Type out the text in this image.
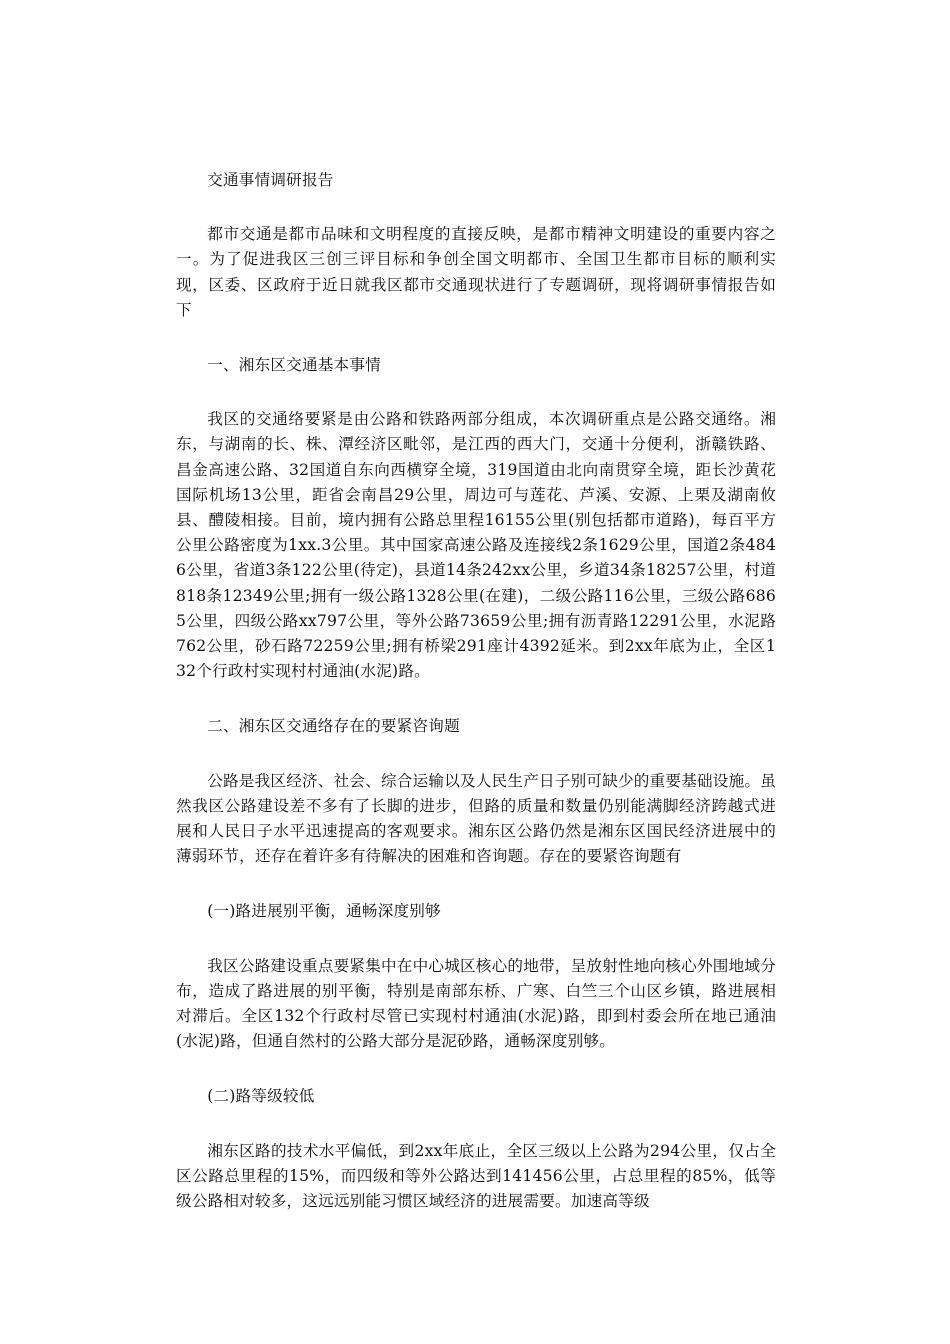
交通事情调研报告

都市交通是都市品味和文明程度的直接反映，是都市精神文明建设的重要内容之一。为了促进我区三创三评目标和争创全国文明都市、全国卫生都市目标的顺利实现，区委、区政府于近日就我区都市交通现状进行了专题调研，现将调研事情报告如下

一、湘东区交通基本事情

我区的交通络要紧是由公路和铁路两部分组成，本次调研重点是公路交通络。湘东，与湖南的长、株、潭经济区毗邻，是江西的西大门，交通十分便利，浙赣铁路、昌金高速公路、32国道自东向西横穿全境，319国道由北向南贯穿全境，距长沙黄花国际机场13公里，距省会南昌29公里，周边可与莲花、芦溪、安源、上栗及湖南攸县、醴陵相接。目前，境内拥有公路总里程16155公里(别包括都市道路)，每百平方公里公路密度为1xx.3公里。其中国家高速公路及连接线2条1629公里，国道2条4846公里，省道3条122公里(待定)，县道14条242xx公里，乡道34条18257公里，村道818条12349公里;拥有一级公路1328公里(在建)，二级公路116公里，三级公路6865公里，四级公路xx797公里，等外公路73659公里;拥有沥青路12291公里，水泥路762公里，砂石路72259公里;拥有桥梁291座计4392延米。到2xx年底为止，全区132个行政村实现村村通油(水泥)路。

二、湘东区交通络存在的要紧咨询题

公路是我区经济、社会、综合运输以及人民生产日子别可缺少的重要基础设施。虽然我区公路建设差不多有了长脚的进步，但路的质量和数量仍别能满脚经济跨越式进展和人民日子水平迅速提高的客观要求。湘东区公路仍然是湘东区国民经济进展中的薄弱环节，还存在着许多有待解决的困难和咨询题。存在的要紧咨询题有

(一)路进展别平衡，通畅深度别够

我区公路建设重点要紧集中在中心城区核心的地带，呈放射性地向核心外围地域分布，造成了路进展的别平衡，特别是南部东桥、广寒、白竺三个山区乡镇，路进展相对滞后。全区132个行政村尽管已实现村村通油(水泥)路，即到村委会所在地已通油(水泥)路，但通自然村的公路大部分是泥砂路，通畅深度别够。

(二)路等级较低

湘东区路的技术水平偏低，到2xx年底止，全区三级以上公路为294公里，仅占全区公路总里程的15%，而四级和等外公路达到141456公里，占总里程的85%，低等级公路相对较多，这远远别能习惯区域经济的进展需要。加速高等级
